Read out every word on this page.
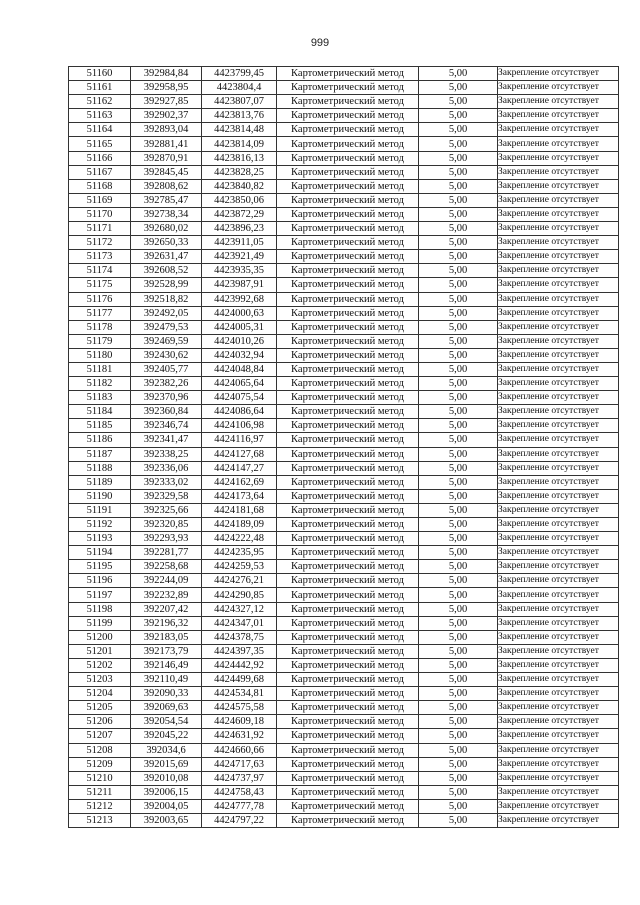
999
51160	392984,84	4423799,45	Картометрический метод	5,00	Закрепление отсутствует
51161	392958,95	4423804,4	Картометрический метод	5,00	Закрепление отсутствует
51162	392927,85	4423807,07	Картометрический метод	5,00	Закрепление отсутствует
51163	392902,37	4423813,76	Картометрический метод	5,00	Закрепление отсутствует
51164	392893,04	4423814,48	Картометрический метод	5,00	Закрепление отсутствует
51165	392881,41	4423814,09	Картометрический метод	5,00	Закрепление отсутствует
51166	392870,91	4423816,13	Картометрический метод	5,00	Закрепление отсутствует
51167	392845,45	4423828,25	Картометрический метод	5,00	Закрепление отсутствует
51168	392808,62	4423840,82	Картометрический метод	5,00	Закрепление отсутствует
51169	392785,47	4423850,06	Картометрический метод	5,00	Закрепление отсутствует
51170	392738,34	4423872,29	Картометрический метод	5,00	Закрепление отсутствует
51171	392680,02	4423896,23	Картометрический метод	5,00	Закрепление отсутствует
51172	392650,33	4423911,05	Картометрический метод	5,00	Закрепление отсутствует
51173	392631,47	4423921,49	Картометрический метод	5,00	Закрепление отсутствует
51174	392608,52	4423935,35	Картометрический метод	5,00	Закрепление отсутствует
51175	392528,99	4423987,91	Картометрический метод	5,00	Закрепление отсутствует
51176	392518,82	4423992,68	Картометрический метод	5,00	Закрепление отсутствует
51177	392492,05	4424000,63	Картометрический метод	5,00	Закрепление отсутствует
51178	392479,53	4424005,31	Картометрический метод	5,00	Закрепление отсутствует
51179	392469,59	4424010,26	Картометрический метод	5,00	Закрепление отсутствует
51180	392430,62	4424032,94	Картометрический метод	5,00	Закрепление отсутствует
51181	392405,77	4424048,84	Картометрический метод	5,00	Закрепление отсутствует
51182	392382,26	4424065,64	Картометрический метод	5,00	Закрепление отсутствует
51183	392370,96	4424075,54	Картометрический метод	5,00	Закрепление отсутствует
51184	392360,84	4424086,64	Картометрический метод	5,00	Закрепление отсутствует
51185	392346,74	4424106,98	Картометрический метод	5,00	Закрепление отсутствует
51186	392341,47	4424116,97	Картометрический метод	5,00	Закрепление отсутствует
51187	392338,25	4424127,68	Картометрический метод	5,00	Закрепление отсутствует
51188	392336,06	4424147,27	Картометрический метод	5,00	Закрепление отсутствует
51189	392333,02	4424162,69	Картометрический метод	5,00	Закрепление отсутствует
51190	392329,58	4424173,64	Картометрический метод	5,00	Закрепление отсутствует
51191	392325,66	4424181,68	Картометрический метод	5,00	Закрепление отсутствует
51192	392320,85	4424189,09	Картометрический метод	5,00	Закрепление отсутствует
51193	392293,93	4424222,48	Картометрический метод	5,00	Закрепление отсутствует
51194	392281,77	4424235,95	Картометрический метод	5,00	Закрепление отсутствует
51195	392258,68	4424259,53	Картометрический метод	5,00	Закрепление отсутствует
51196	392244,09	4424276,21	Картометрический метод	5,00	Закрепление отсутствует
51197	392232,89	4424290,85	Картометрический метод	5,00	Закрепление отсутствует
51198	392207,42	4424327,12	Картометрический метод	5,00	Закрепление отсутствует
51199	392196,32	4424347,01	Картометрический метод	5,00	Закрепление отсутствует
51200	392183,05	4424378,75	Картометрический метод	5,00	Закрепление отсутствует
51201	392173,79	4424397,35	Картометрический метод	5,00	Закрепление отсутствует
51202	392146,49	4424442,92	Картометрический метод	5,00	Закрепление отсутствует
51203	392110,49	4424499,68	Картометрический метод	5,00	Закрепление отсутствует
51204	392090,33	4424534,81	Картометрический метод	5,00	Закрепление отсутствует
51205	392069,63	4424575,58	Картометрический метод	5,00	Закрепление отсутствует
51206	392054,54	4424609,18	Картометрический метод	5,00	Закрепление отсутствует
51207	392045,22	4424631,92	Картометрический метод	5,00	Закрепление отсутствует
51208	392034,6	4424660,66	Картометрический метод	5,00	Закрепление отсутствует
51209	392015,69	4424717,63	Картометрический метод	5,00	Закрепление отсутствует
51210	392010,08	4424737,97	Картометрический метод	5,00	Закрепление отсутствует
51211	392006,15	4424758,43	Картометрический метод	5,00	Закрепление отсутствует
51212	392004,05	4424777,78	Картометрический метод	5,00	Закрепление отсутствует
51213	392003,65	4424797,22	Картометрический метод	5,00	Закрепление отсутствует
